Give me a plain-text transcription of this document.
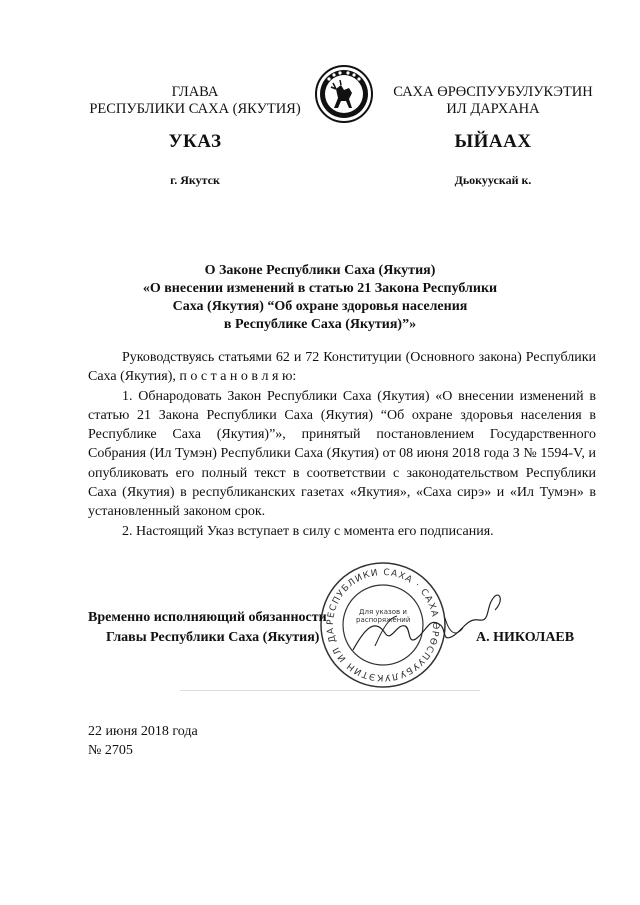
ГЛАВА
РЕСПУБЛИКИ САХА (ЯКУТИЯ)
САХА ӨРӨСПУУБУЛУКЭТИН
ИЛ ДАРХАНА
УКАЗ	ЫЙААХ
г. Якутск	Дьокуускай к.
О Законе Республики Саха (Якутия)
«О внесении изменений в статью 21 Закона Республики
Саха (Якутия) “Об охране здоровья населения
в Республике Саха (Якутия)”»

Руководствуясь статьями 62 и 72 Конституции (Основного закона) Республики Саха (Якутия), п о с т а н о в л я ю:

1. Обнародовать Закон Республики Саха (Якутия) «О внесении изменений в статью 21 Закона Республики Саха (Якутия) “Об охране здоровья населения в Республике Саха (Якутия)”», принятый постановлением Государственного Собрания (Ил Тумэн) Республики Саха (Якутия) от 08 июня 2018 года З № 1594-V, и опубликовать его полный текст в соответствии с законодательством Республики Саха (Якутия) в республиканских газетах «Якутия», «Саха сирэ» и «Ил Тумэн» в установленный законом срок.

2. Настоящий Указ вступает в силу с момента его подписания.

РЕСПУБЛИКИ САХА · САХА ӨРӨСПУУБУЛУКЭТИН ИЛ ДА
Для указов и распоряжений
Временно исполняющий обязанности
Главы Республики Саха (Якутия)	А. НИКОЛАЕВ
22 июня 2018 года
№ 2705
